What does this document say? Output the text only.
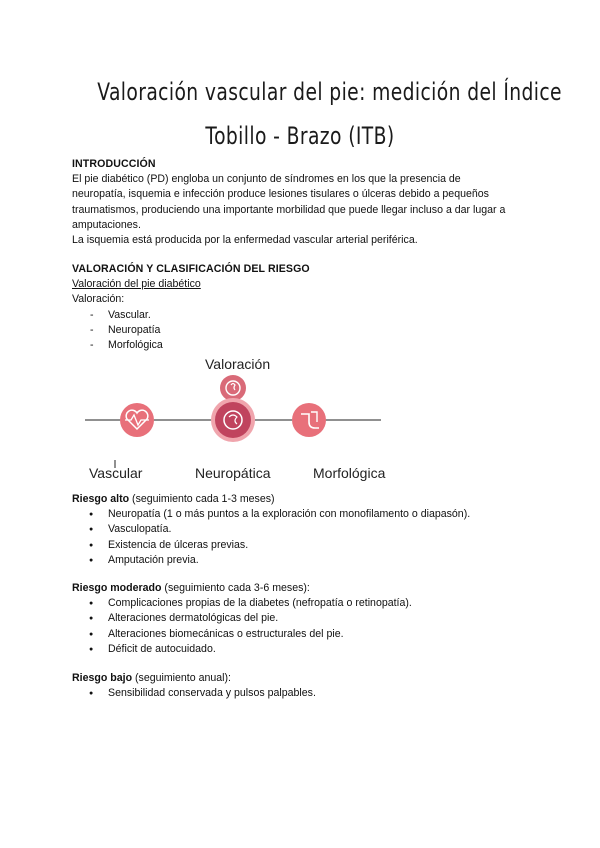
Valoración vascular del pie: medición del Índice
Tobillo - Brazo (ITB)
INTRODUCCIÓN
El pie diabético (PD) engloba un conjunto de síndromes en los que la presencia de
neuropatía, isquemia e infección produce lesiones tisulares o úlceras debido a pequeños
traumatismos, produciendo una importante morbilidad que puede llegar incluso a dar lugar a
amputaciones.
La isquemia está producida por la enfermedad vascular arterial periférica.
VALORACIÓN Y CLASIFICACIÓN DEL RIESGO
Valoración del pie diabético
Valoración:
- Vascular.
- Neuropatía
- Morfológica
Valoración
Vascular	Neuropática	Morfológica
Riesgo alto (seguimiento cada 1-3 meses)
● Neuropatía (1 o más puntos a la exploración con monofilamento o diapasón).
● Vasculopatía.
● Existencia de úlceras previas.
● Amputación previa.
Riesgo moderado (seguimiento cada 3-6 meses):
● Complicaciones propias de la diabetes (nefropatía o retinopatía).
● Alteraciones dermatológicas del pie.
● Alteraciones biomecánicas o estructurales del pie.
● Déficit de autocuidado.
Riesgo bajo (seguimiento anual):
● Sensibilidad conservada y pulsos palpables.
